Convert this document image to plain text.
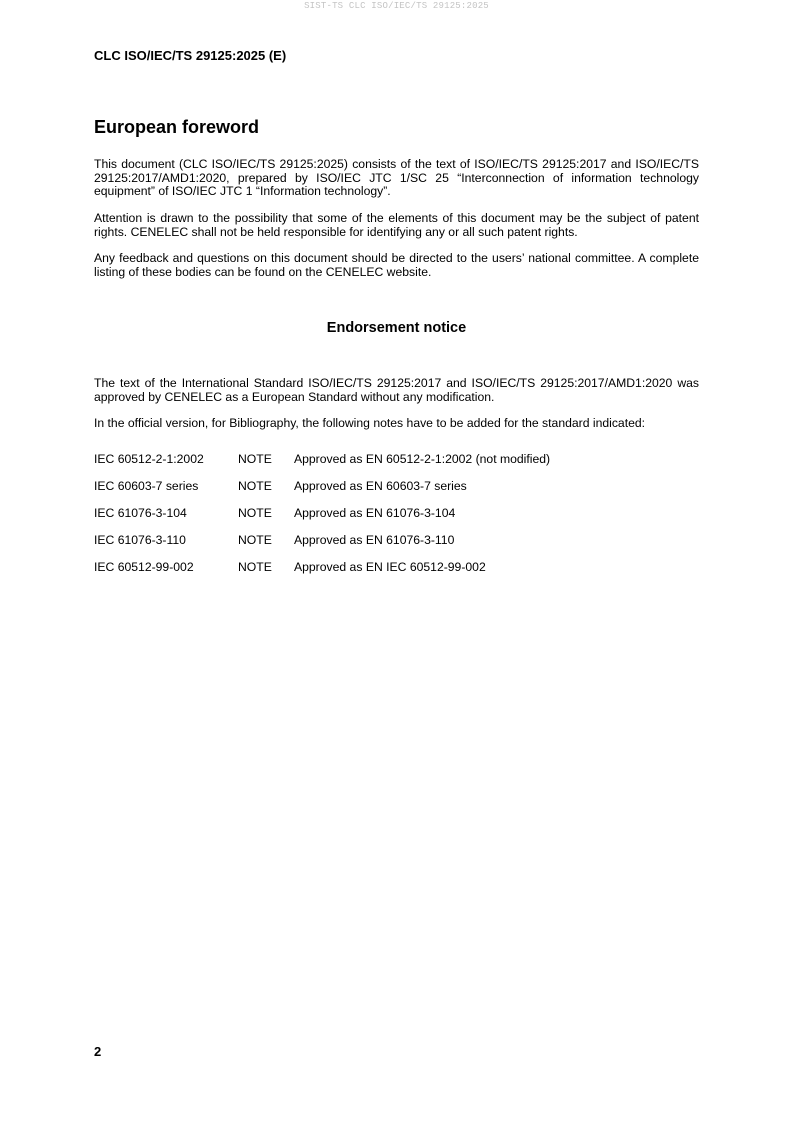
SIST-TS CLC ISO/IEC/TS 29125:2025
CLC ISO/IEC/TS 29125:2025 (E)
European foreword

This document (CLC ISO/IEC/TS 29125:2025) consists of the text of ISO/IEC/TS 29125:2017 and ISO/IEC/TS 29125:2017/AMD1:2020, prepared by ISO/IEC JTC 1/SC 25 “Interconnection of information technology equipment” of ISO/IEC JTC 1 “Information technology”.

Attention is drawn to the possibility that some of the elements of this document may be the subject of patent rights. CENELEC shall not be held responsible for identifying any or all such patent rights.

Any feedback and questions on this document should be directed to the users’ national committee. A complete listing of these bodies can be found on the CENELEC website.

Endorsement notice

The text of the International Standard ISO/IEC/TS 29125:2017 and ISO/IEC/TS 29125:2017/AMD1:2020 was approved by CENELEC as a European Standard without any modification.

In the official version, for Bibliography, the following notes have to be added for the standard indicated:

IEC 60512-2-1:2002	NOTE	Approved as EN 60512-2-1:2002 (not modified)
IEC 60603-7 series	NOTE	Approved as EN 60603-7 series
IEC 61076-3-104	NOTE	Approved as EN 61076-3-104
IEC 61076-3-110	NOTE	Approved as EN 61076-3-110
IEC 60512-99-002	NOTE	Approved as EN IEC 60512-99-002
2
